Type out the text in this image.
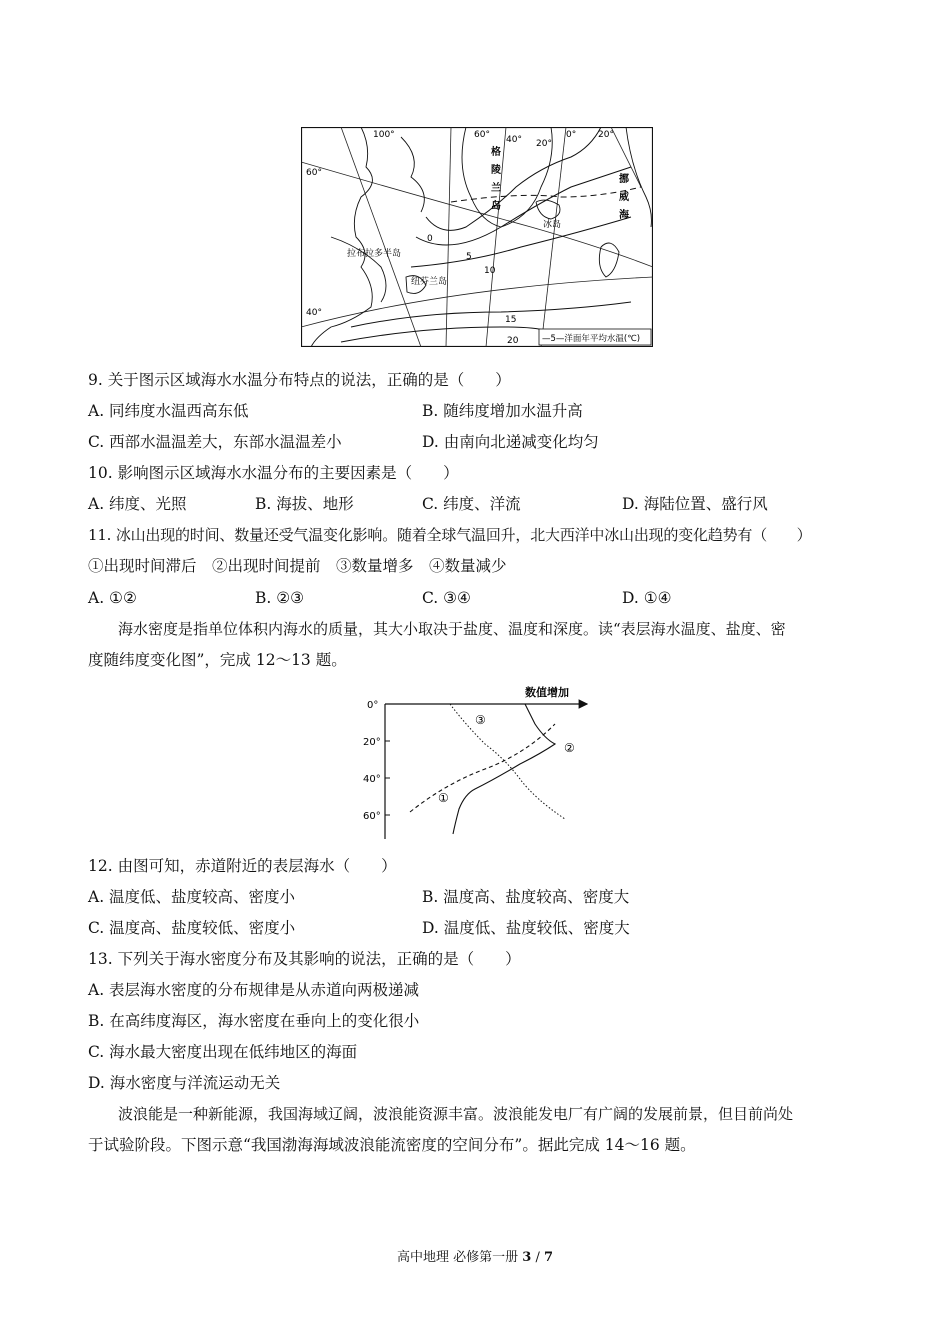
100°	60° 40°	0°
20°
20°
60°
40°
格
陵
兰
岛
挪
威
海
冰岛
拉布拉多半岛
纽芬兰岛
0
5
10
15
20	—5—洋面年平均水温(℃)
9. 关于图示区域海水水温分布特点的说法，正确的是（　　）
A. 同纬度水温西高东低	B. 随纬度增加水温升高
C. 西部水温温差大，东部水温温差小	D. 由南向北递减变化均匀
10. 影响图示区域海水水温分布的主要因素是（　　）
A. 纬度、光照	B. 海拔、地形	C. 纬度、洋流	D. 海陆位置、盛行风
11. 冰山出现的时间、数量还受气温变化影响。随着全球气温回升，北大西洋中冰山出现的变化趋势有（　　）
①出现时间滞后　②出现时间提前　③数量增多　④数量减少
A. ①②	B. ②③	C. ③④	D. ①④
海水密度是指单位体积内海水的质量，其大小取决于盐度、温度和深度。读“表层海水温度、盐度、密
度随纬度变化图”，完成 12～13 题。
数值增加
0°
20°
40°
60°
①
②
③
12. 由图可知，赤道附近的表层海水（　　）
A. 温度低、盐度较高、密度小	B. 温度高、盐度较高、密度大
C. 温度高、盐度较低、密度小	D. 温度低、盐度较低、密度大
13. 下列关于海水密度分布及其影响的说法，正确的是（　　）
A. 表层海水密度的分布规律是从赤道向两极递减
B. 在高纬度海区，海水密度在垂向上的变化很小
C. 海水最大密度出现在低纬地区的海面
D. 海水密度与洋流运动无关
波浪能是一种新能源，我国海域辽阔，波浪能资源丰富。波浪能发电厂有广阔的发展前景，但目前尚处
于试验阶段。下图示意“我国渤海海域波浪能流密度的空间分布”。据此完成 14～16 题。
高中地理 必修第一册 3 / 7
